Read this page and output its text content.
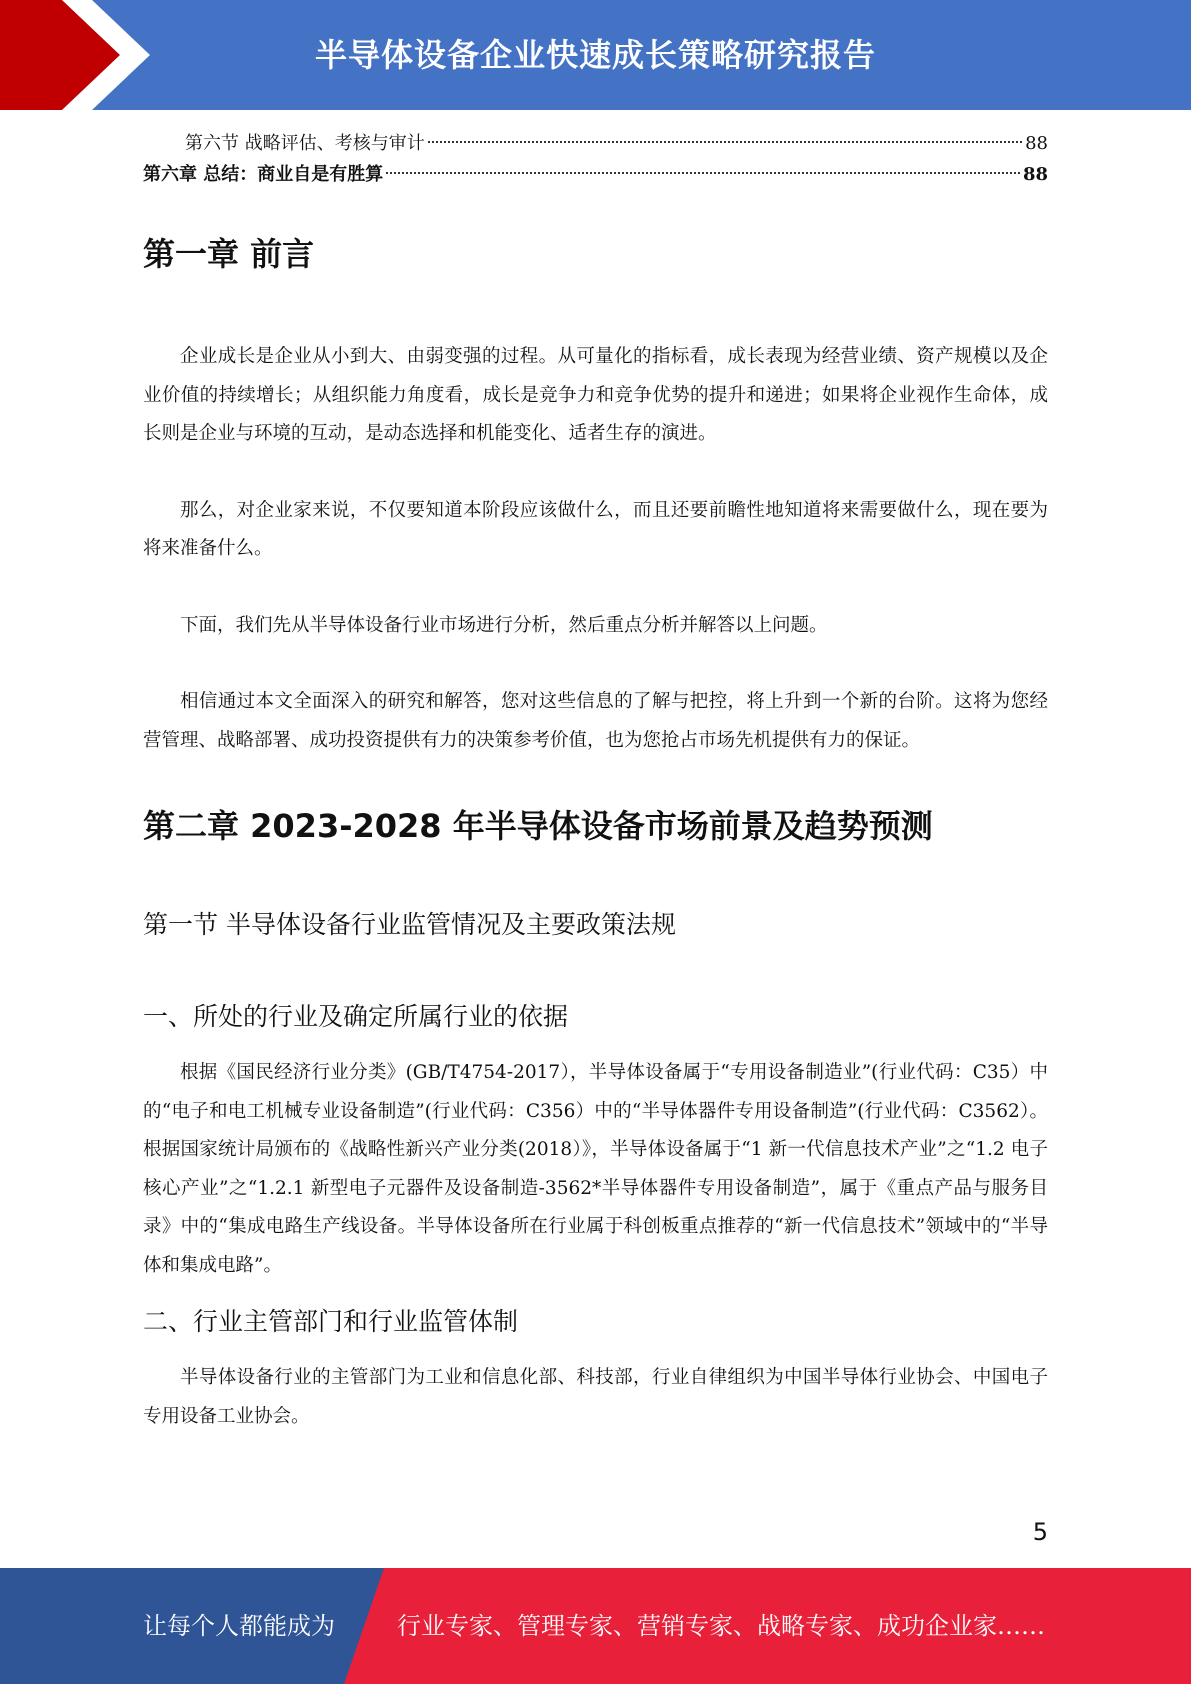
半导体设备企业快速成长策略研究报告
第六节 战略评估、考核与审计	88
第六章 总结：商业自是有胜算	88
第一章 前言

企业成长是企业从小到大、由弱变强的过程。从可量化的指标看，成长表现为经营业绩、资产规模以及企业价值的持续增长；从组织能力角度看，成长是竞争力和竞争优势的提升和递进；如果将企业视作生命体，成长则是企业与环境的互动，是动态选择和机能变化、适者生存的演进。

那么，对企业家来说，不仅要知道本阶段应该做什么，而且还要前瞻性地知道将来需要做什么，现在要为将来准备什么。

下面，我们先从半导体设备行业市场进行分析，然后重点分析并解答以上问题。

相信通过本文全面深入的研究和解答，您对这些信息的了解与把控，将上升到一个新的台阶。这将为您经营管理、战略部署、成功投资提供有力的决策参考价值，也为您抢占市场先机提供有力的保证。

第二章 2023-2028 年半导体设备市场前景及趋势预测
第一节 半导体设备行业监管情况及主要政策法规
一、所处的行业及确定所属行业的依据

根据《国民经济行业分类》(GB/T4754-2017），半导体设备属于“专用设备制造业”(行业代码：C35）中的“电子和电工机械专业设备制造”(行业代码：C356）中的“半导体器件专用设备制造”(行业代码：C3562）。根据国家统计局颁布的《战略性新兴产业分类(2018）》，半导体设备属于“1 新一代信息技术产业”之“1.2 电子核心产业”之“1.2.1 新型电子元器件及设备制造-3562*半导体器件专用设备制造”，属于《重点产品与服务目录》中的“集成电路生产线设备。半导体设备所在行业属于科创板重点推荐的“新一代信息技术”领域中的“半导体和集成电路”。

二、行业主管部门和行业监管体制

半导体设备行业的主管部门为工业和信息化部、科技部，行业自律组织为中国半导体行业协会、中国电子专用设备工业协会。

5
让每个人都能成为	行业专家、管理专家、营销专家、战略专家、成功企业家……
